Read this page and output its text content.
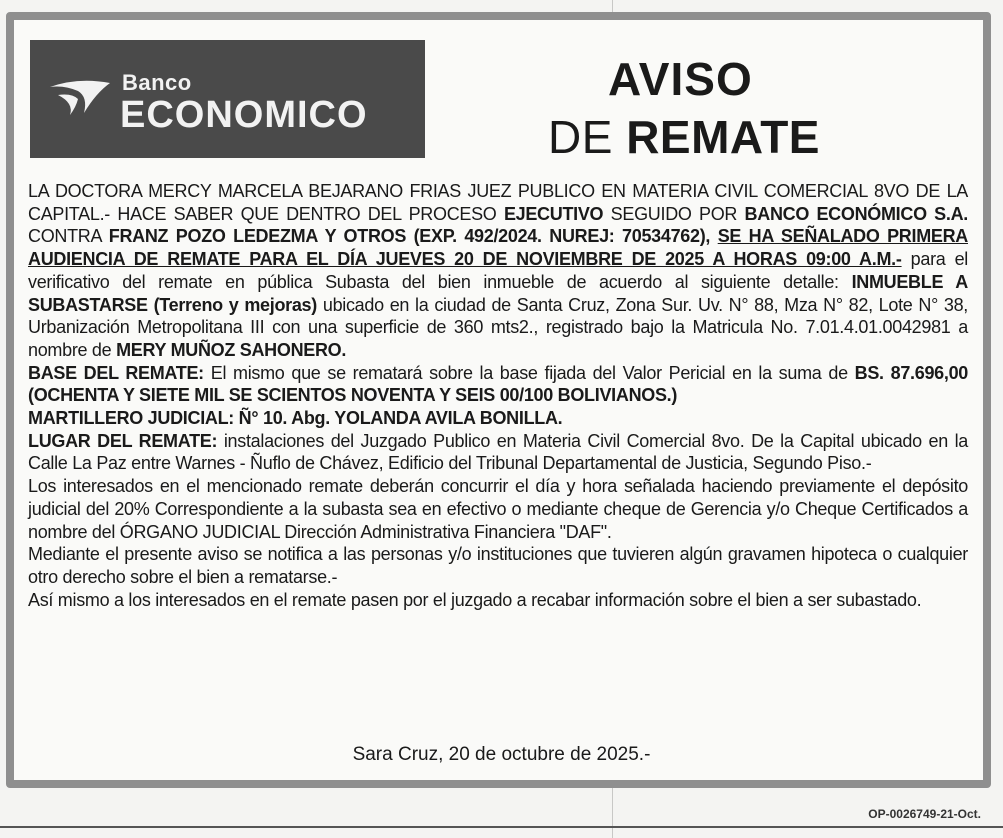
Banco
ECONOMICO
AVISO
DE REMATE

LA DOCTORA MERCY MARCELA BEJARANO FRIAS JUEZ PUBLICO EN MATERIA CIVIL COMERCIAL 8VO DE LA CAPITAL.- HACE SABER QUE DENTRO DEL PROCESO EJECUTIVO SEGUIDO POR BANCO ECONÓMICO S.A. CONTRA FRANZ POZO LEDEZMA Y OTROS (EXP. 492/2024. NUREJ: 70534762), SE HA SEÑALADO PRIMERA AUDIENCIA DE REMATE PARA EL DÍA JUEVES 20 DE NOVIEMBRE DE 2025 A HORAS 09:00 A.M.- para el verificativo del remate en pública Subasta del bien inmueble de acuerdo al siguiente detalle: INMUEBLE A SUBASTARSE (Terreno y mejoras) ubicado en la ciudad de Santa Cruz, Zona Sur. Uv. N° 88, Mza N° 82, Lote N° 38, Urbanización Metropolitana III con una superficie de 360 mts2., registrado bajo la Matricula No. 7.01.4.01.0042981 a nombre de MERY MUÑOZ SAHONERO.

BASE DEL REMATE: El mismo que se rematará sobre la base fijada del Valor Pericial en la suma de BS. 87.696,00 (OCHENTA Y SIETE MIL SE SCIENTOS NOVENTA Y SEIS 00/100 BOLIVIANOS.)

MARTILLERO JUDICIAL: Ñ° 10. Abg. YOLANDA AVILA BONILLA.

LUGAR DEL REMATE: instalaciones del Juzgado Publico en Materia Civil Comercial 8vo. De la Capital ubicado en la Calle La Paz entre Warnes - Ñuflo de Chávez, Edificio del Tribunal Departamental de Justicia, Segundo Piso.-

Los interesados en el mencionado remate deberán concurrir el día y hora señalada haciendo previamente el depósito judicial del 20% Correspondiente a la subasta sea en efectivo o mediante cheque de Gerencia y/o Cheque Certificados a nombre del ÓRGANO JUDICIAL Dirección Administrativa Financiera "DAF".

Mediante el presente aviso se notifica a las personas y/o instituciones que tuvieren algún gravamen hipoteca o cualquier otro derecho sobre el bien a rematarse.-

Así mismo a los interesados en el remate pasen por el juzgado a recabar información sobre el bien a ser subastado.

Sara Cruz, 20 de octubre de 2025.-
OP-0026749-21-Oct.
